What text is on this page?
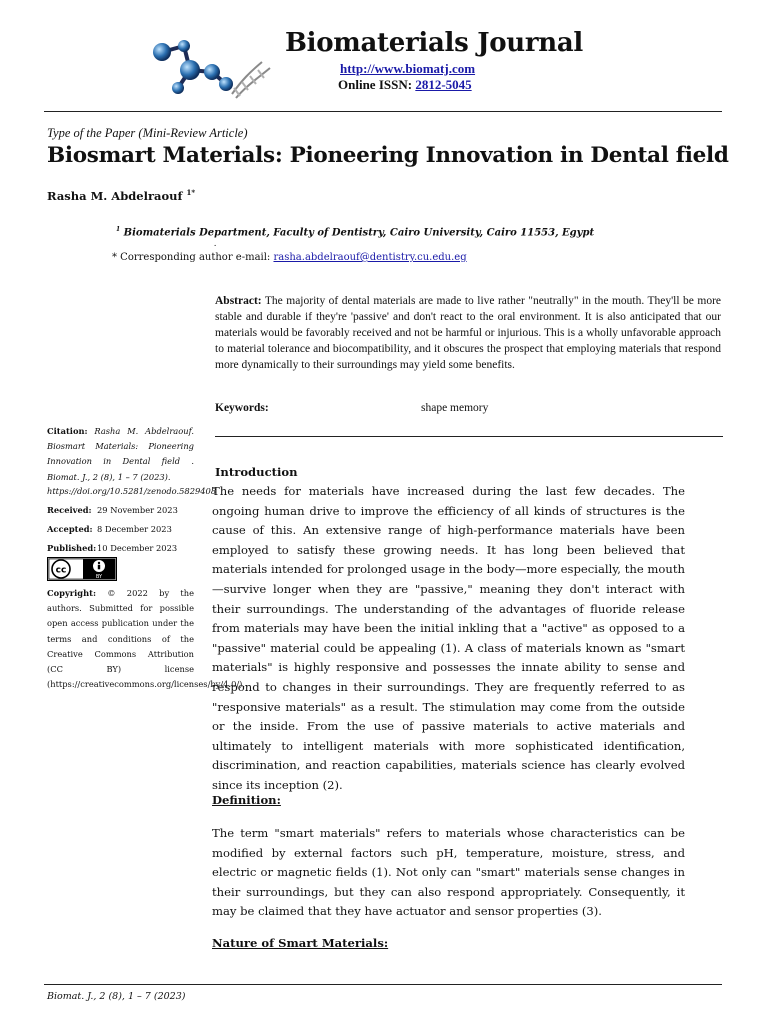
Biomaterials Journal
http://www.biomatj.com
Online ISSN: 2812-5045
Type of the Paper (Mini-Review Article)
Biosmart Materials: Pioneering Innovation in Dental field
Rasha M. Abdelraouf $^{1*}$
$^1$ Biomaterials Department, Faculty of Dentistry, Cairo University, Cairo 11553, Egypt
.
* Corresponding author e-mail: rasha.abdelraouf@dentistry.cu.edu.eg
Abstract: The majority of dental materials are made to live rather "neutrally" in the mouth. They'll be more stable and durable if they're 'passive' and don't react to the oral environment. It is also anticipated that our materials would be favorably received and not be harmful or injurious. This is a wholly unfavorable approach to material tolerance and biocompatibility, and it obscures the prospect that employing materials that respond more dynamically to their surroundings may yield some benefits.
Keywords:	shape memory
Citation: Rasha M. Abdelraouf. Biosmart Materials: Pioneering Innovation in Dental field . Biomat. J., 2 (8), 1 – 7 (2023).
https://doi.org/10.5281/zenodo.5829408
Received: 29 November 2023
Accepted: 8 December 2023
Published:10 December 2023
cc
BY
Copyright: © 2022 by the authors. Submitted for possible open access publication under the terms and conditions of the Creative Commons Attribution (CC BY) license (https://creativecommons.org/licenses/by/4.0/).
Introduction
The needs for materials have increased during the last few decades. The ongoing human drive to improve the efficiency of all kinds of structures is the cause of this. An extensive range of high-performance materials have been employed to satisfy these growing needs. It has long been believed that materials intended for prolonged usage in the body—more especially, the mouth—survive longer when they are "passive," meaning they don't interact with their surroundings. The understanding of the advantages of fluoride release from materials may have been the initial inkling that a "active" as opposed to a "passive" material could be appealing (1). A class of materials known as "smart materials" is highly responsive and possesses the innate ability to sense and respond to changes in their surroundings. They are frequently referred to as "responsive materials" as a result. The stimulation may come from the outside or the inside. From the use of passive materials to active materials and ultimately to intelligent materials with more sophisticated identification, discrimination, and reaction capabilities, materials science has clearly evolved since its inception (2).
Definition:
The term "smart materials" refers to materials whose characteristics can be modified by external factors such pH, temperature, moisture, stress, and electric or magnetic fields (1). Not only can "smart" materials sense changes in their surroundings, but they can also respond appropriately. Consequently, it may be claimed that they have actuator and sensor properties (3).
Nature of Smart Materials:
Biomat. J., 2 (8), 1 – 7 (2023)
